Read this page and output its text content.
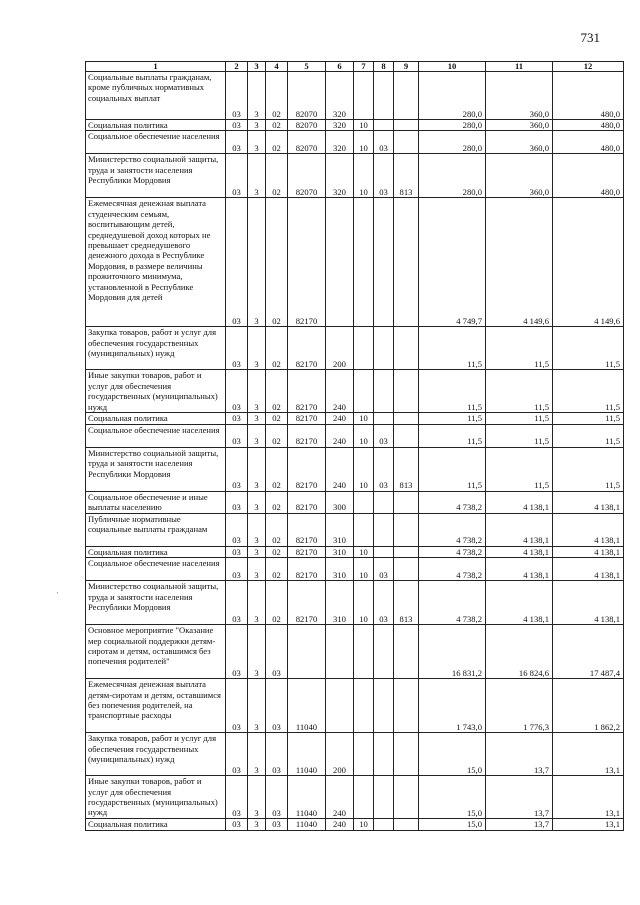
731
1	2	3	4	5	6	7	8	9	10	11	12
Социальные выплаты гражданам, кроме публичных нормативных социальных выплат	03	3	02	82070	320				280,0	360,0	480,0
Социальная политика	03	3	02	82070	320	10			280,0	360,0	480,0
Социальное обеспечение населения	03	3	02	82070	320	10	03		280,0	360,0	480,0
Министерство социальной защиты, труда и занятости населения Республики Мордовия	03	3	02	82070	320	10	03	813	280,0	360,0	480,0
Ежемесячная денежная выплата студенческим семьям, воспитывающим детей, среднедушевой доход которых не превышает среднедушевого денежного дохода в Республике Мордовия, в размере величины прожиточного минимума, установленной в Республике Мордовия для детей	03	3	02	82170					4 749,7	4 149,6	4 149,6
Закупка товаров, работ и услуг для обеспечения государственных (муниципальных) нужд	03	3	02	82170	200				11,5	11,5	11,5
Иные закупки товаров, работ и услуг для обеспечения государственных (муниципальных) нужд	03	3	02	82170	240				11,5	11,5	11,5
Социальная политика	03	3	02	82170	240	10			11,5	11,5	11,5
Социальное обеспечение населения	03	3	02	82170	240	10	03		11,5	11,5	11,5
Министерство социальной защиты, труда и занятости населения Республики Мордовия	03	3	02	82170	240	10	03	813	11,5	11,5	11,5
Социальное обеспечение и иные выплаты населению	03	3	02	82170	300				4 738,2	4 138,1	4 138,1
Публичные нормативные социальные выплаты гражданам	03	3	02	82170	310				4 738,2	4 138,1	4 138,1
Социальная политика	03	3	02	82170	310	10			4 738,2	4 138,1	4 138,1
Социальное обеспечение населения	03	3	02	82170	310	10	03		4 738,2	4 138,1	4 138,1
Министерство социальной защиты, труда и занятости населения Республики Мордовия	03	3	02	82170	310	10	03	813	4 738,2	4 138,1	4 138,1
Основное мероприятие "Оказание мер социальной поддержки детям-сиротам и детям, оставшимся без попечения родителей"	03	3	03						16 831,2	16 824,6	17 487,4
Ежемесячная денежная выплата детям-сиротам и детям, оставшимся без попечения родителей, на транспортные расходы	03	3	03	11040					1 743,0	1 776,3	1 862,2
Закупка товаров, работ и услуг для обеспечения государственных (муниципальных) нужд	03	3	03	11040	200				15,0	13,7	13,1
Иные закупки товаров, работ и услуг для обеспечения государственных (муниципальных) нужд	03	3	03	11040	240				15,0	13,7	13,1
Социальная политика	03	3	03	11040	240	10			15,0	13,7	13,1
